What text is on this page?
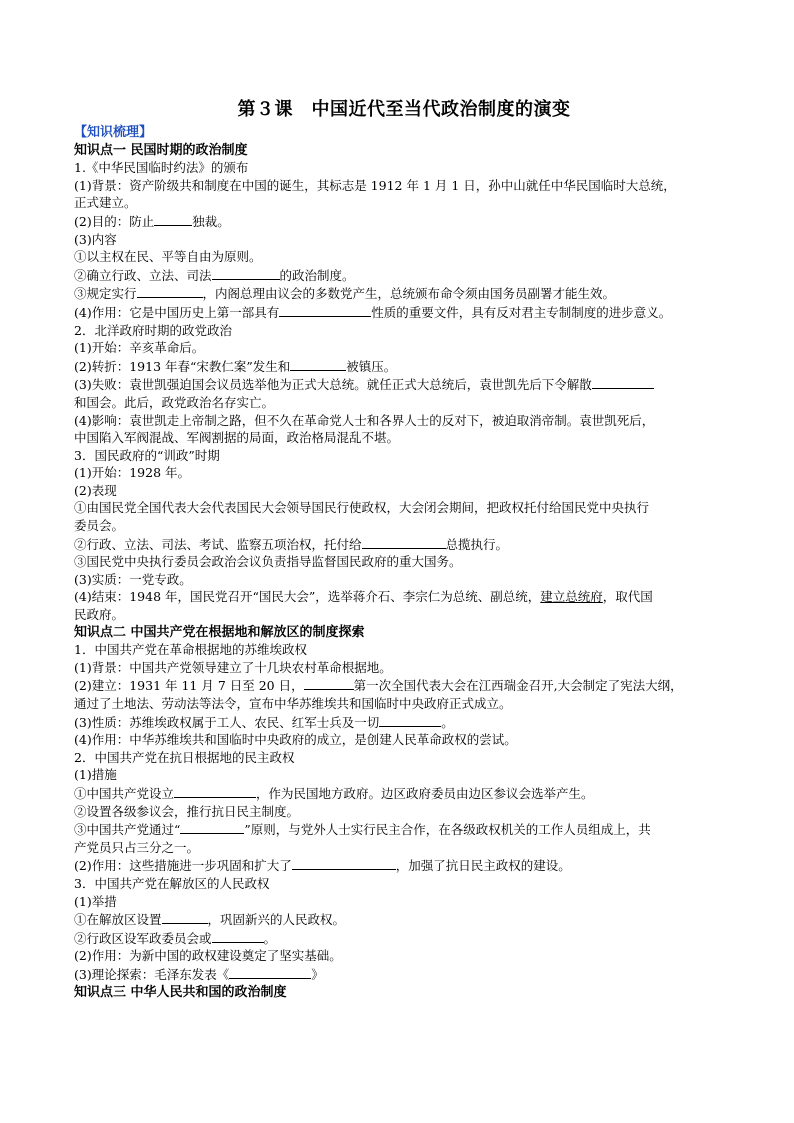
第３课　中国近代至当代政治制度的演变
【知识梳理】
知识点一 民国时期的政治制度
1.《中华民国临时约法》的颁布
(1)背景：资产阶级共和制度在中国的诞生，其标志是 1912 年 1 月 1 日，孙中山就任中华民国临时大总统，
正式建立。
(2)目的：防止	独裁。
(3)内容
①以主权在民、平等自由为原则。
②确立行政、立法、司法	的政治制度。
③规定实行	，内阁总理由议会的多数党产生，总统颁布命令须由国务员副署才能生效。
(4)作用：它是中国历史上第一部具有	性质的重要文件，具有反对君主专制制度的进步意义。
2．北洋政府时期的政党政治
(1)开始：辛亥革命后。
(2)转折：1913 年春“宋教仁案”发生和	被镇压。
(3)失败：袁世凯强迫国会议员选举他为正式大总统。就任正式大总统后，袁世凯先后下令解散
和国会。此后，政党政治名存实亡。
(4)影响：袁世凯走上帝制之路，但不久在革命党人士和各界人士的反对下，被迫取消帝制。袁世凯死后，
中国陷入军阀混战、军阀割据的局面，政治格局混乱不堪。
3．国民政府的“训政”时期
(1)开始：1928 年。
(2)表现
①由国民党全国代表大会代表国民大会领导国民行使政权，大会闭会期间，把政权托付给国民党中央执行
委员会。
②行政、立法、司法、考试、监察五项治权，托付给	总揽执行。
③国民党中央执行委员会政治会议负责指导监督国民政府的重大国务。
(3)实质：一党专政。
(4)结束：1948 年，国民党召开“国民大会”，选举蒋介石、李宗仁为总统、副总统，建立总统府，取代国
民政府。
知识点二 中国共产党在根据地和解放区的制度探索
1．中国共产党在革命根据地的苏维埃政权
(1)背景：中国共产党领导建立了十几块农村革命根据地。
(2)建立：1931 年 11 月 7 日至 20 日，	第一次全国代表大会在江西瑞金召开,大会制定了宪法大纲，
通过了土地法、劳动法等法令，宣布中华苏维埃共和国临时中央政府正式成立。
(3)性质：苏维埃政权属于工人、农民、红军士兵及一切	。
(4)作用：中华苏维埃共和国临时中央政府的成立，是创建人民革命政权的尝试。
2．中国共产党在抗日根据地的民主政权
(1)措施
①中国共产党设立	，作为民国地方政府。边区政府委员由边区参议会选举产生。
②设置各级参议会，推行抗日民主制度。
③中国共产党通过“	”原则，与党外人士实行民主合作，在各级政权机关的工作人员组成上，共
产党员只占三分之一。
(2)作用：这些措施进一步巩固和扩大了	，加强了抗日民主政权的建设。
3．中国共产党在解放区的人民政权
(1)举措
①在解放区设置	，巩固新兴的人民政权。
②行政区设军政委员会或	。
(2)作用：为新中国的政权建设奠定了坚实基础。
(3)理论探索：毛泽东发表《	》
知识点三 中华人民共和国的政治制度
